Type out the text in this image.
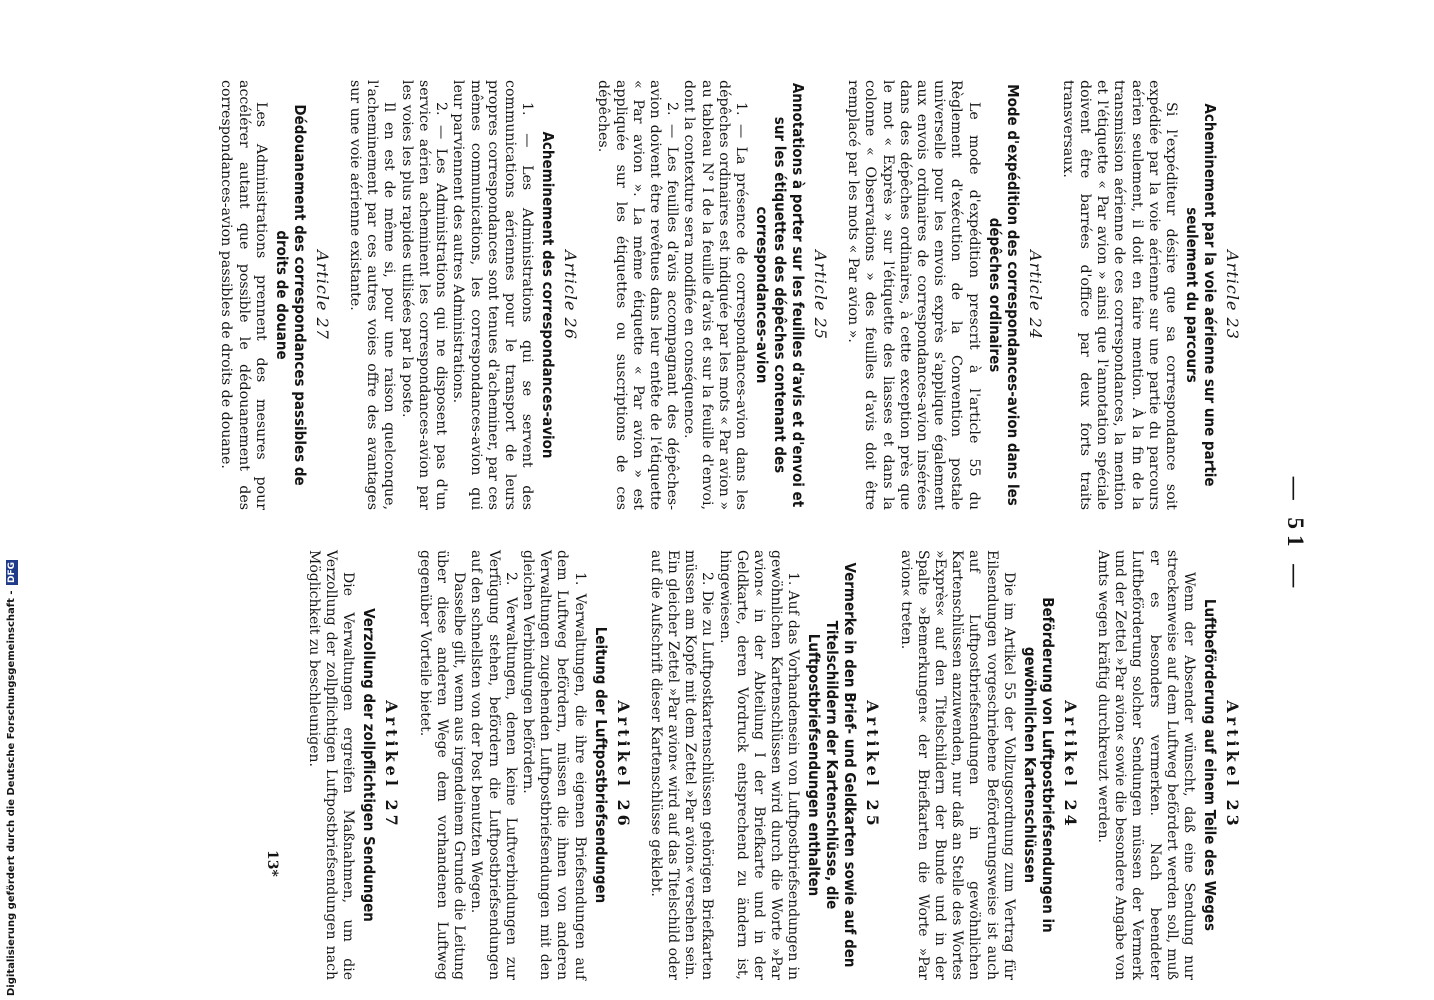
— 51 —
Article 23
Acheminement par la voie aérienne sur une partie seulement du parcours

Si l'expéditeur désire que sa correspondance soit expédiée par la voie aérienne sur une partie du parcours aérien seulement, il doit en faire mention. À la fin de la transmission aérienne de ces correspondances, la mention et l'étiquette « Par avion » ainsi que l'annotation spéciale doivent être barrées d'office par deux forts traits transversaux.

Article 24
Mode d'expédition des correspondances-avion dans les dépêches ordinaires

Le mode d'expédition prescrit à l'article 55 du Règlement d'exécution de la Convention postale universelle pour les envois exprès s'applique également aux envois ordinaires de correspondances-avion insérées dans des dépêches ordinaires, à cette exception près que le mot « Exprès » sur l'étiquette des liasses et dans la colonne « Observations » des feuilles d'avis doit être remplacé par les mots « Par avion ».

Article 25
Annotations à porter sur les feuilles d'avis et d'envoi et sur les étiquettes des dépêches contenant des correspondances-avion

1. — La présence de correspondances-avion dans les dépêches ordinaires est indiquée par les mots « Par avion » au tableau N° I de la feuille d'avis et sur la feuille d'envoi, dont la contexture sera modifiée en conséquence.

2. — Les feuilles d'avis accompagnant des dépêches-avion doivent être revêtues dans leur entête de l'étiquette « Par avion ». La même étiquette « Par avion » est appliquée sur les étiquettes ou suscriptions de ces dépêches.

Article 26
Acheminement des correspondances-avion

1. — Les Administrations qui se servent des communications aériennes pour le transport de leurs propres correspondances sont tenues d'acheminer, par ces mêmes communications, les correspondances-avion qui leur parviennent des autres Administrations.

2. — Les Administrations qui ne disposent pas d'un service aérien acheminent les correspondances-avion par les voies les plus rapides utilisées par la poste.

Il en est de même si, pour une raison quelconque, l'acheminement par ces autres voies offre des avantages sur une voie aérienne existante.

Article 27
Dédouanement des correspondances passibles de droits de douane

Les Administrations prennent des mesures pour accélérer autant que possible le dédouanement des correspondances-avion passibles de droits de douane.

Artikel 23
Luftbeförderung auf einem Teile des Weges

Wenn der Absender wünscht, daß eine Sendung nur streckenweise auf dem Luftweg befördert werden soll, muß er es besonders vermerken. Nach beendeter Luftbeförderung solcher Sendungen müssen der Vermerk und der Zettel »Par avion« sowie die besondere Angabe von Amts wegen kräftig durchkreuzt werden.

Artikel 24
Beförderung von Luftpostbriefsendungen in gewöhnlichen Kartenschlüssen

Die im Artikel 55 der Vollzugsordnung zum Vertrag für Eilsendungen vorgeschriebene Beförderungsweise ist auch auf Luftpostbriefsendungen in gewöhnlichen Kartenschlüssen anzuwenden, nur daß an Stelle des Wortes »Exprès« auf den Titelschildern der Bunde und in der Spalte »Bemerkungen« der Briefkarten die Worte »Par avion« treten.

Artikel 25
Vermerke in den Brief- und Geldkarten sowie auf den Titelschildern der Kartenschlüsse, die Luftpostbriefsendungen enthalten

1. Auf das Vorhandensein von Luftpostbriefsendungen in gewöhnlichen Kartenschlüssen wird durch die Worte »Par avion« in der Abteilung I der Briefkarte und in der Geldkarte, deren Vordruck entsprechend zu ändern ist, hingewiesen.

2. Die zu Luftpostkartenschlüssen gehörigen Briefkarten müssen am Kopfe mit dem Zettel »Par avion« versehen sein. Ein gleicher Zettel »Par avion« wird auf das Titelschild oder auf die Aufschrift dieser Kartenschlüsse geklebt.

Artikel 26
Leitung der Luftpostbriefsendungen

1. Verwaltungen, die ihre eigenen Briefsendungen auf dem Luftweg befördern, müssen die ihnen von anderen Verwaltungen zugehenden Luftpostbriefsendungen mit den gleichen Verbindungen befördern.

2. Verwaltungen, denen keine Luftverbindungen zur Verfügung stehen, befördern die Luftpostbriefsendungen auf den schnellsten von der Post benutzten Wegen.

Dasselbe gilt, wenn aus irgendeinem Grunde die Leitung über diese anderen Wege dem vorhandenen Luftweg gegenüber Vorteile bietet.

Artikel 27
Verzollung der zollpflichtigen Sendungen

Die Verwaltungen ergreifen Maßnahmen, um die Verzollung der zollpflichtigen Luftpostbriefsendungen nach Möglichkeit zu beschleunigen.

13*
Digitalisierung gefördert durch die Deutsche Forschungsgemeinschaft - DFG
